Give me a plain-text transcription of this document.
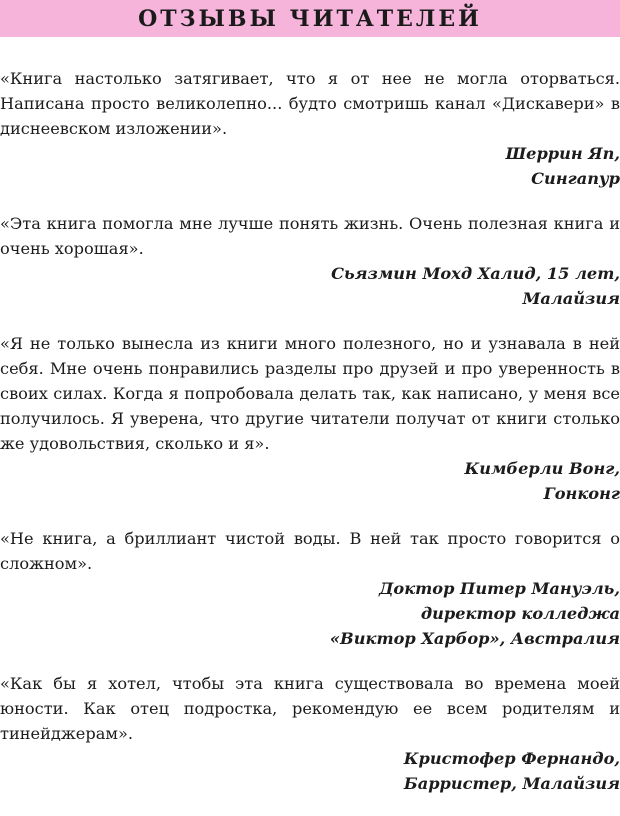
ОТЗЫВЫ ЧИТАТЕЛЕЙ

«Книга настолько затягивает, что я от нее не могла оторваться. Написана просто великолепно... будто смотришь канал «Дискавери» в диснеевском изложении».

Шеррин Яп,
Сингапур

«Эта книга помогла мне лучше понять жизнь. Очень полезная книга и очень хорошая».

Сьязмин Мохд Халид, 15 лет,
Малайзия

«Я не только вынесла из книги много полезного, но и узнавала в ней себя. Мне очень понравились разделы про друзей и про уверенность в своих силах. Когда я попробовала делать так, как написано, у меня все получилось. Я уверена, что другие читатели получат от книги столько же удовольствия, сколько и я».

Кимберли Вонг,
Гонконг

«Не книга, а бриллиант чистой воды. В ней так просто говорится о сложном».

Доктор Питер Мануэль,
директор колледжа
«Виктор Харбор», Австралия

«Как бы я хотел, чтобы эта книга существовала во времена моей юности. Как отец подростка, рекомендую ее всем родителям и тинейджерам».

Кристофер Фернандо,
Барристер, Малайзия
